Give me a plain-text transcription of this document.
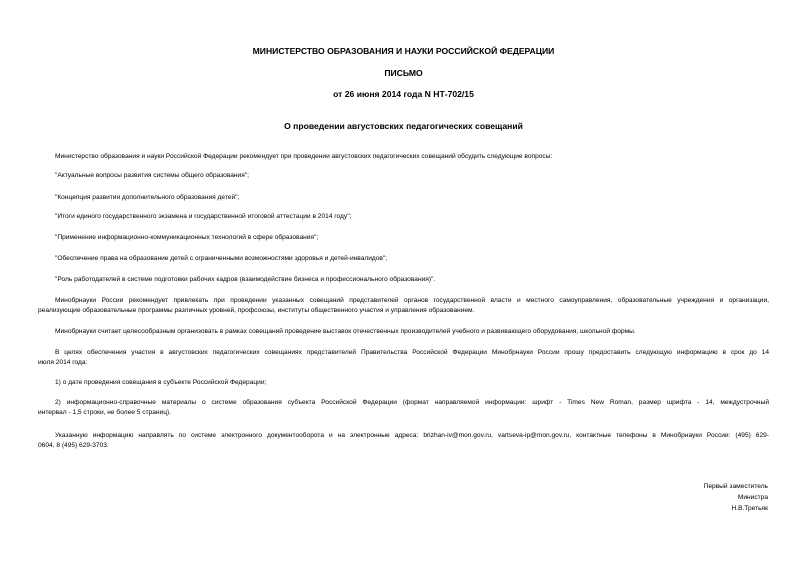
МИНИСТЕРСТВО ОБРАЗОВАНИЯ И НАУКИ РОССИЙСКОЙ ФЕДЕРАЦИИ
ПИСЬМО
от 26 июня 2014 года N НТ-702/15
О проведении августовских педагогических совещаний
Министерство образования и науки Российской Федерации рекомендует при проведении августовских педагогических совещаний обсудить следующие вопросы:
"Актуальные вопросы развития системы общего образования";
"Концепция развития дополнительного образования детей";
"Итоги единого государственного экзамена и государственной итоговой аттестации в 2014 году";
"Применение информационно-коммуникационных технологий в сфере образования";
"Обеспечение права на образование детей с ограниченными возможностями здоровья и детей-инвалидов";
"Роль работодателей в системе подготовки рабочих кадров (взаимодействие бизнеса и профессионального образования)".
Минобрнауки России рекомендует привлекать при проведении указанных совещаний представителей органов государственной власти и местного самоуправления, образовательные учреждения и организации,
реализующие образовательные программы различных уровней, профсоюзы, институты общественного участия и управления образованием.
Минобрнауки считает целесообразным организовать в рамках совещаний проведение выставок отечественных производителей учебного и развивающего оборудования, школьной формы.
В целях обеспечения участия в августовских педагогических совещаниях представителей Правительства Российской Федерации Минобрнауки России прошу предоставить следующую информацию в срок до 14
июля 2014 года:
1) о дате проведения совещания в субъекте Российской Федерации;
2) информационно-справочные материалы о системе образования субъекта Российской Федерации (формат направляемой информации: шрифт - Times New Roman, размер шрифта - 14, междустрочный
интервал - 1,5 строки, не более 5 страниц).
Указанную информацию направлять по системе электронного документооборота и на электронные адреса: brizhan-iv@mon.gov.ru, vartseva-ip@mon.gov.ru, контактные телефоны в Минобрнауки России: (495) 629-
0604, 8 (495) 629-3703.
Первый заместитель
Министра
Н.В.Третьяк
